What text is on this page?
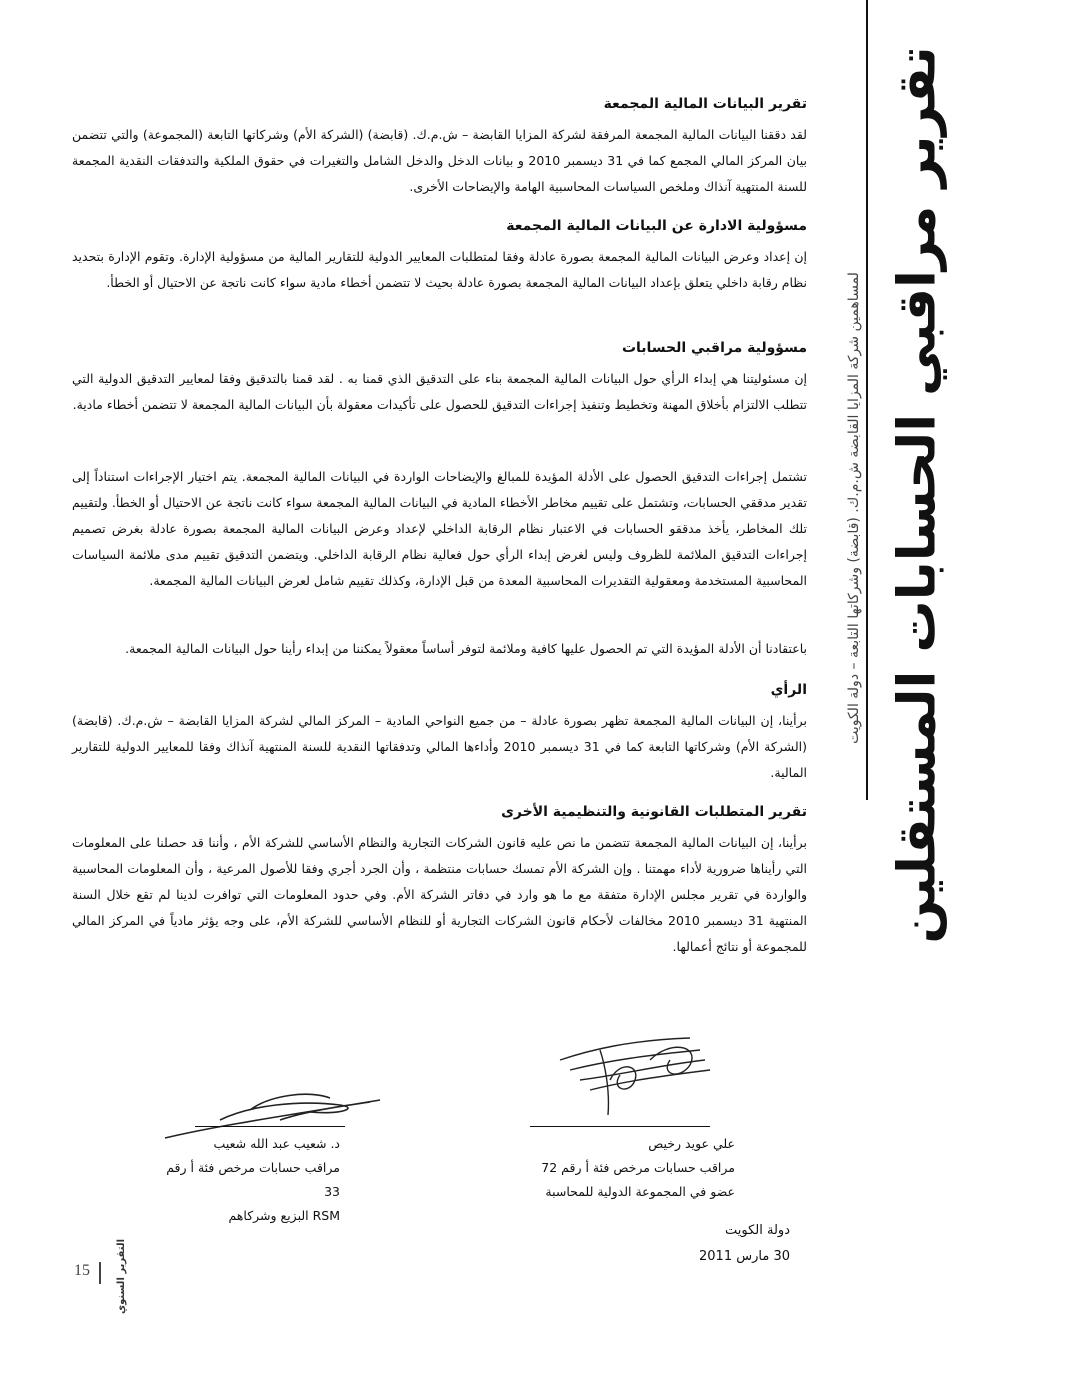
تقرير مراقبي الحسابات المستقلين
لمساهمين شركة المزايا القابضة ش.م.ك. (قابضة) وشركاتها التابعة – دولة الكويت
تقرير البيانات المالية المجمعة

لقد دققنا البيانات المالية المجمعة المرفقة لشركة المزايا القابضة – ش.م.ك. (قابضة) (الشركة الأم) وشركاتها التابعة (المجموعة) والتي تتضمن بيان المركز المالي المجمع كما في 31 ديسمبر 2010 و بيانات الدخل والدخل الشامل والتغيرات في حقوق الملكية والتدفقات النقدية المجمعة للسنة المنتهية آنذاك وملخص السياسات المحاسبية الهامة والإيضاحات الأخرى.

مسؤولية الادارة عن البيانات المالية المجمعة

إن إعداد وعرض البيانات المالية المجمعة بصورة عادلة وفقا لمتطلبات المعايير الدولية للتقارير المالية من مسؤولية الإدارة. وتقوم الإدارة بتحديد نظام رقابة داخلي يتعلق بإعداد البيانات المالية المجمعة بصورة عادلة بحيث لا تتضمن أخطاء مادية سواء كانت ناتجة عن الاحتيال أو الخطأ.

مسؤولية مراقبي الحسابات

إن مسئوليتنا هي إبداء الرأي حول البيانات المالية المجمعة بناء على التدقيق الذي قمنا به . لقد قمنا بالتدقيق وفقا لمعايير التدقيق الدولية التي تتطلب الالتزام بأخلاق المهنة وتخطيط وتنفيذ إجراءات التدقيق للحصول على تأكيدات معقولة بأن البيانات المالية المجمعة لا تتضمن أخطاء مادية.

تشتمل إجراءات التدقيق الحصول على الأدلة المؤيدة للمبالغ والإيضاحات الواردة في البيانات المالية المجمعة. يتم اختيار الإجراءات استناداً إلى تقدير مدققي الحسابات، وتشتمل على تقييم مخاطر الأخطاء المادية في البيانات المالية المجمعة سواء كانت ناتجة عن الاحتيال أو الخطأ. ولتقييم تلك المخاطر، يأخذ مدققو الحسابات في الاعتبار نظام الرقابة الداخلي لإعداد وعرض البيانات المالية المجمعة بصورة عادلة بغرض تصميم إجراءات التدقيق الملائمة للظروف وليس لغرض إبداء الرأي حول فعالية نظام الرقابة الداخلي. ويتضمن التدقيق تقييم مدى ملائمة السياسات المحاسبية المستخدمة ومعقولية التقديرات المحاسبية المعدة من قبل الإدارة، وكذلك تقييم شامل لعرض البيانات المالية المجمعة.

باعتقادنا أن الأدلة المؤيدة التي تم الحصول عليها كافية وملائمة لتوفر أساساً معقولاً يمكننا من إبداء رأينا حول البيانات المالية المجمعة.

الرأي

برأينا، إن البيانات المالية المجمعة تظهر بصورة عادلة – من جميع النواحي المادية – المركز المالي لشركة المزايا القابضة – ش.م.ك. (قابضة) (الشركة الأم) وشركاتها التابعة كما في 31 ديسمبر 2010 وأداءها المالي وتدفقاتها النقدية للسنة المنتهية آنذاك وفقا للمعايير الدولية للتقارير المالية.

تقرير المتطلبات القانونية والتنظيمية الأخرى

برأينا، إن البيانات المالية المجمعة تتضمن ما نص عليه قانون الشركات التجارية والنظام الأساسي للشركة الأم ، وأننا قد حصلنا على المعلومات التي رأيناها ضرورية لأداء مهمتنا . وإن الشركة الأم تمسك حسابات منتظمة ، وأن الجرد أجري وفقا للأصول المرعية ، وأن المعلومات المحاسبية والواردة في تقرير مجلس الإدارة متفقة مع ما هو وارد في دفاتر الشركة الأم. وفي حدود المعلومات التي توافرت لدينا لم تقع خلال السنة المنتهية 31 ديسمبر 2010 مخالفات لأحكام قانون الشركات التجارية أو للنظام الأساسي للشركة الأم، على وجه يؤثر مادياً في المركز المالي للمجموعة أو نتائج أعمالها.

علي عويد رخيص
مراقب حسابات مرخص فئة أ رقم 72
عضو في المجموعة الدولية للمحاسبة
د. شعيب عبد الله شعيب
مراقب حسابات مرخص فئة أ رقم 33
RSM البزيع وشركاهم
دولة الكويت
30 مارس 2011
15	التقرير السنوي
